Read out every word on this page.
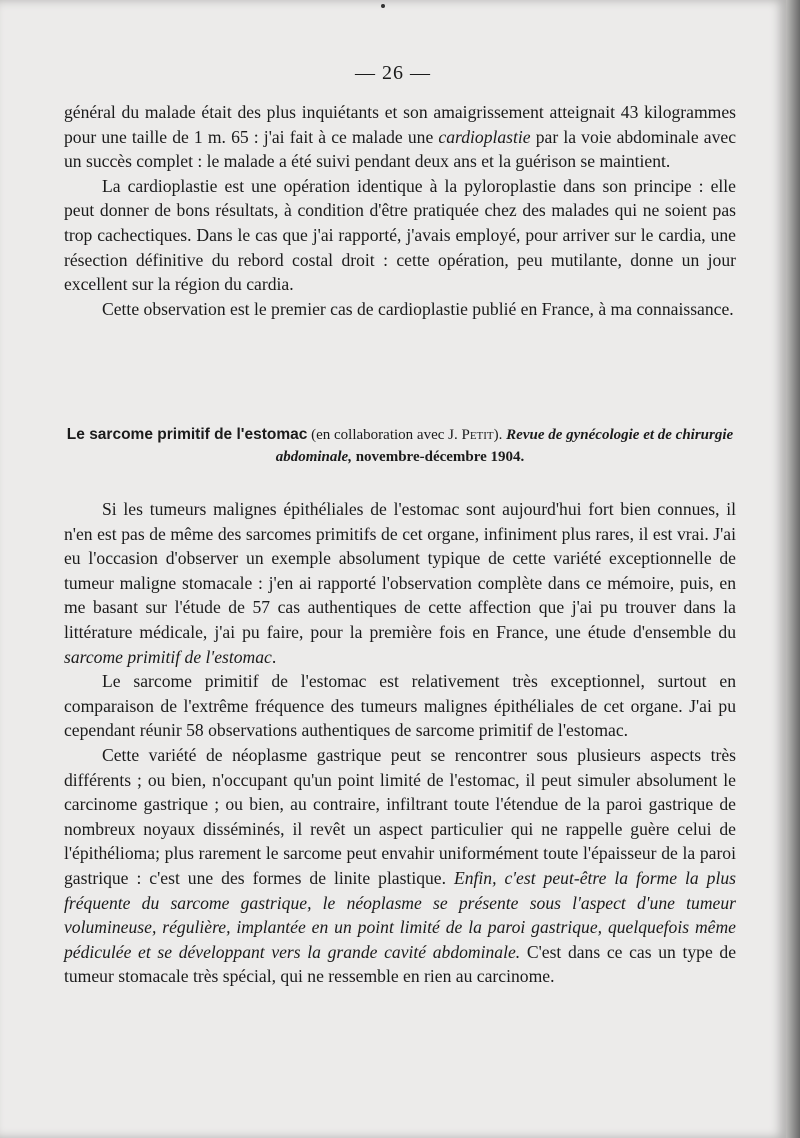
— 26 —

général du malade était des plus inquiétants et son amaigrissement atteignait 43 kilogrammes pour une taille de 1 m. 65 : j'ai fait à ce malade une cardioplastie par la voie abdominale avec un succès complet : le malade a été suivi pendant deux ans et la guérison se maintient.

La cardioplastie est une opération identique à la pyloroplastie dans son principe : elle peut donner de bons résultats, à condition d'être pratiquée chez des malades qui ne soient pas trop cachectiques. Dans le cas que j'ai rapporté, j'avais employé, pour arriver sur le cardia, une résection définitive du rebord costal droit : cette opération, peu mutilante, donne un jour excellent sur la région du cardia.

Cette observation est le premier cas de cardioplastie publié en France, à ma connaissance.

Le sarcome primitif de l'estomac (en collaboration avec J. Petit). Revue de gynécologie et de chirurgie abdominale, novembre-décembre 1904.

Si les tumeurs malignes épithéliales de l'estomac sont aujourd'hui fort bien connues, il n'en est pas de même des sarcomes primitifs de cet organe, infiniment plus rares, il est vrai. J'ai eu l'occasion d'observer un exemple absolument typique de cette variété exceptionnelle de tumeur maligne stomacale : j'en ai rapporté l'observation complète dans ce mémoire, puis, en me basant sur l'étude de 57 cas authentiques de cette affection que j'ai pu trouver dans la littérature médicale, j'ai pu faire, pour la première fois en France, une étude d'ensemble du sarcome primitif de l'estomac.

Le sarcome primitif de l'estomac est relativement très exceptionnel, surtout en comparaison de l'extrême fréquence des tumeurs malignes épithéliales de cet organe. J'ai pu cependant réunir 58 observations authentiques de sarcome primitif de l'estomac.

Cette variété de néoplasme gastrique peut se rencontrer sous plusieurs aspects très différents ; ou bien, n'occupant qu'un point limité de l'estomac, il peut simuler absolument le carcinome gastrique ; ou bien, au contraire, infiltrant toute l'étendue de la paroi gastrique de nombreux noyaux disséminés, il revêt un aspect particulier qui ne rappelle guère celui de l'épithélioma; plus rarement le sarcome peut envahir uniformément toute l'épaisseur de la paroi gastrique : c'est une des formes de linite plastique. Enfin, c'est peut-être la forme la plus fréquente du sarcome gastrique, le néoplasme se présente sous l'aspect d'une tumeur volumineuse, régulière, implantée en un point limité de la paroi gastrique, quelquefois même pédiculée et se développant vers la grande cavité abdominale. C'est dans ce cas un type de tumeur stomacale très spécial, qui ne ressemble en rien au carcinome.
